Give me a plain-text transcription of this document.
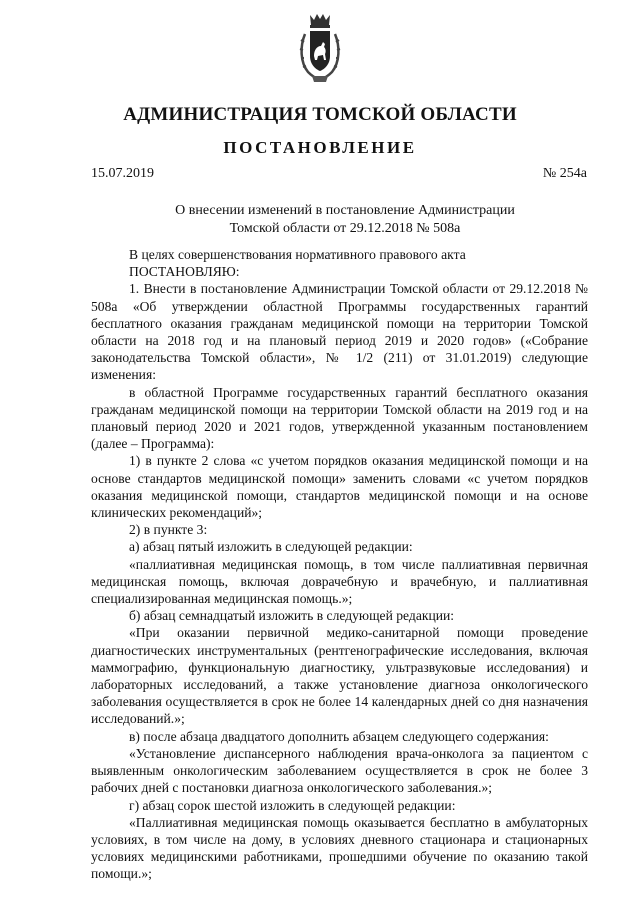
АДМИНИСТРАЦИЯ ТОМСКОЙ ОБЛАСТИ
ПОСТАНОВЛЕНИЕ
15.07.2019	№ 254а
О внесении изменений в постановление Администрации
Томской области от 29.12.2018 № 508а

В целях совершенствования нормативного правового акта

ПОСТАНОВЛЯЮ:

1. Внести в постановление Администрации Томской области от 29.12.2018 № 508а «Об утверждении областной Программы государственных гарантий бесплатного оказания гражданам медицинской помощи на территории Томской области на 2018 год и на плановый период 2019 и 2020 годов» («Собрание законодательства Томской области», № 1/2 (211) от 31.01.2019) следующие изменения:

в областной Программе государственных гарантий бесплатного оказания гражданам медицинской помощи на территории Томской области на 2019 год и на плановый период 2020 и 2021 годов, утвержденной указанным постановлением (далее – Программа):

1) в пункте 2 слова «с учетом порядков оказания медицинской помощи и на основе стандартов медицинской помощи» заменить словами «с учетом порядков оказания медицинской помощи, стандартов медицинской помощи и на основе клинических рекомендаций»;

2) в пункте 3:

а) абзац пятый изложить в следующей редакции:

«паллиативная медицинская помощь, в том числе паллиативная первичная медицинская помощь, включая доврачебную и врачебную, и паллиативная специализированная медицинская помощь.»;

б) абзац семнадцатый изложить в следующей редакции:

«При оказании первичной медико-санитарной помощи проведение диагностических инструментальных (рентгенографические исследования, включая маммографию, функциональную диагностику, ультразвуковые исследования) и лабораторных исследований, а также установление диагноза онкологического заболевания осуществляется в срок не более 14 календарных дней со дня назначения исследований.»;

в) после абзаца двадцатого дополнить абзацем следующего содержания:

«Установление диспансерного наблюдения врача-онколога за пациентом с выявленным онкологическим заболеванием осуществляется в срок не более 3 рабочих дней с постановки диагноза онкологического заболевания.»;

г) абзац сорок шестой изложить в следующей редакции:

«Паллиативная медицинская помощь оказывается бесплатно в амбулаторных условиях, в том числе на дому, в условиях дневного стационара и стационарных условиях медицинскими работниками, прошедшими обучение по оказанию такой помощи.»;
